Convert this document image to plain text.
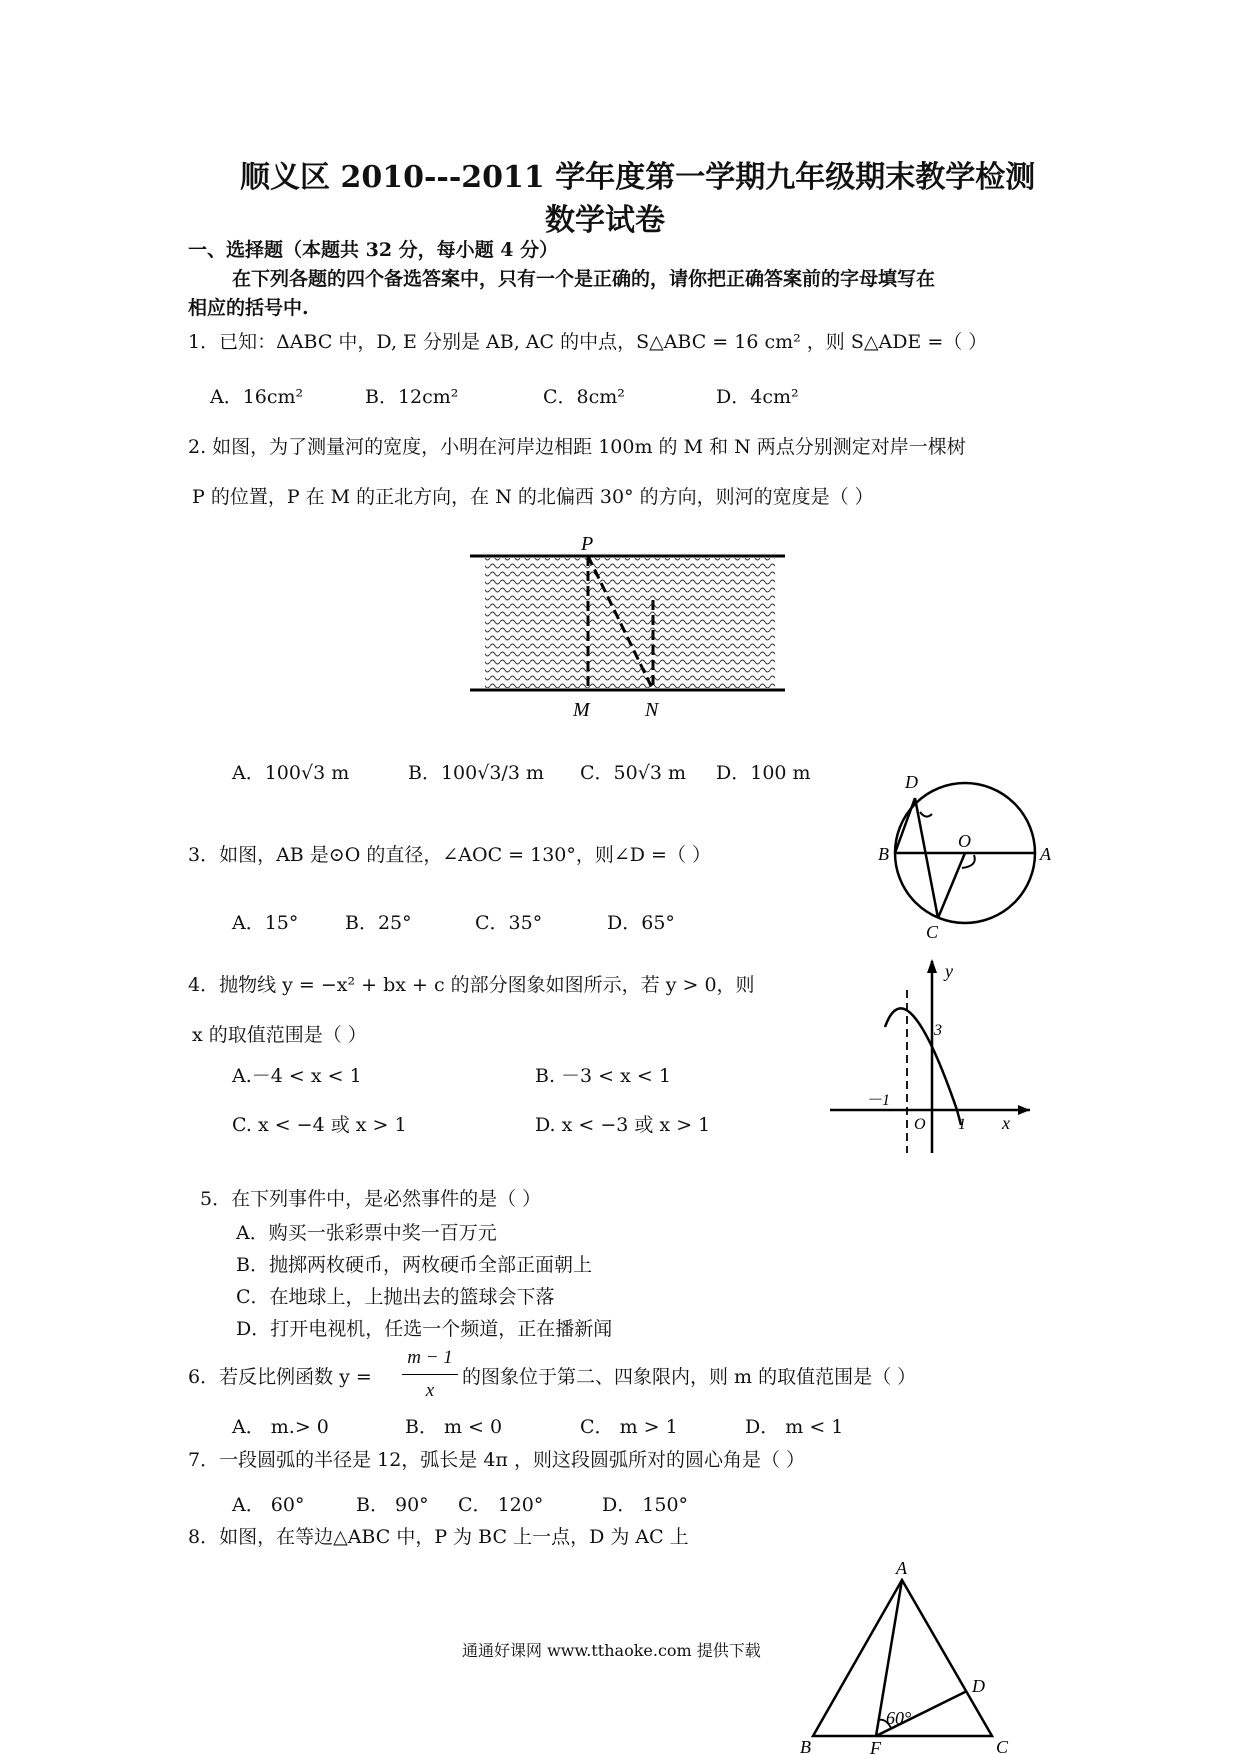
顺义区 2010---2011 学年度第一学期九年级期末教学检测
数学试卷
一、选择题（本题共 32 分，每小题 4 分）
在下列各题的四个备选答案中，只有一个是正确的，请你把正确答案前的字母填写在
相应的括号中.
1．已知：ΔABC 中，D, E 分别是 AB, AC 的中点，S△ABC = 16 cm² ，则 S△ADE =（ ）
A．16cm²	B．12cm²	C．8cm²	D．4cm²
2. 如图，为了测量河的宽度，小明在河岸边相距 100m 的 M 和 N 两点分别测定对岸一棵树
P 的位置，P 在 M 的正北方向，在 N 的北偏西 30° 的方向，则河的宽度是（ ）
P
M	N
A．100√3 m	B．100√3/3 m C．50√3 m D．100 m
3．如图，AB 是⊙O 的直径，∠AOC = 130°，则∠D =（ ）
A．15° B．25°	C．35°	D．65°
D
B	A
O
C
4．抛物线 y = −x² + bx + c 的部分图象如图所示，若 y > 0，则
x 的取值范围是（ ）
A.－4 < x < 1	B. －3 < x < 1
C. x < −4 或 x > 1	D. x < −3 或 x > 1
y
3
－1
O 1 x
5．在下列事件中，是必然事件的是（ ）
A．购买一张彩票中奖一百万元
B．抛掷两枚硬币，两枚硬币全部正面朝上
C．在地球上，上抛出去的篮球会下落
D．打开电视机，任选一个频道，正在播新闻
6．若反比例函数 y =
m − 1
x
的图象位于第二、四象限内，则 m 的取值范围是（ ）
A． m.> 0	B． m < 0	C． m > 1	D． m < 1
7．一段圆弧的半径是 12，弧长是 4π ，则这段圆弧所对的圆心角是（ ）
A． 60°	B． 90° C． 120°	D． 150°
8．如图，在等边△ABC 中，P 为 BC 上一点，D 为 AC 上
A
B	C
D
F
60°
通通好课网 www.tthaoke.com 提供下载
